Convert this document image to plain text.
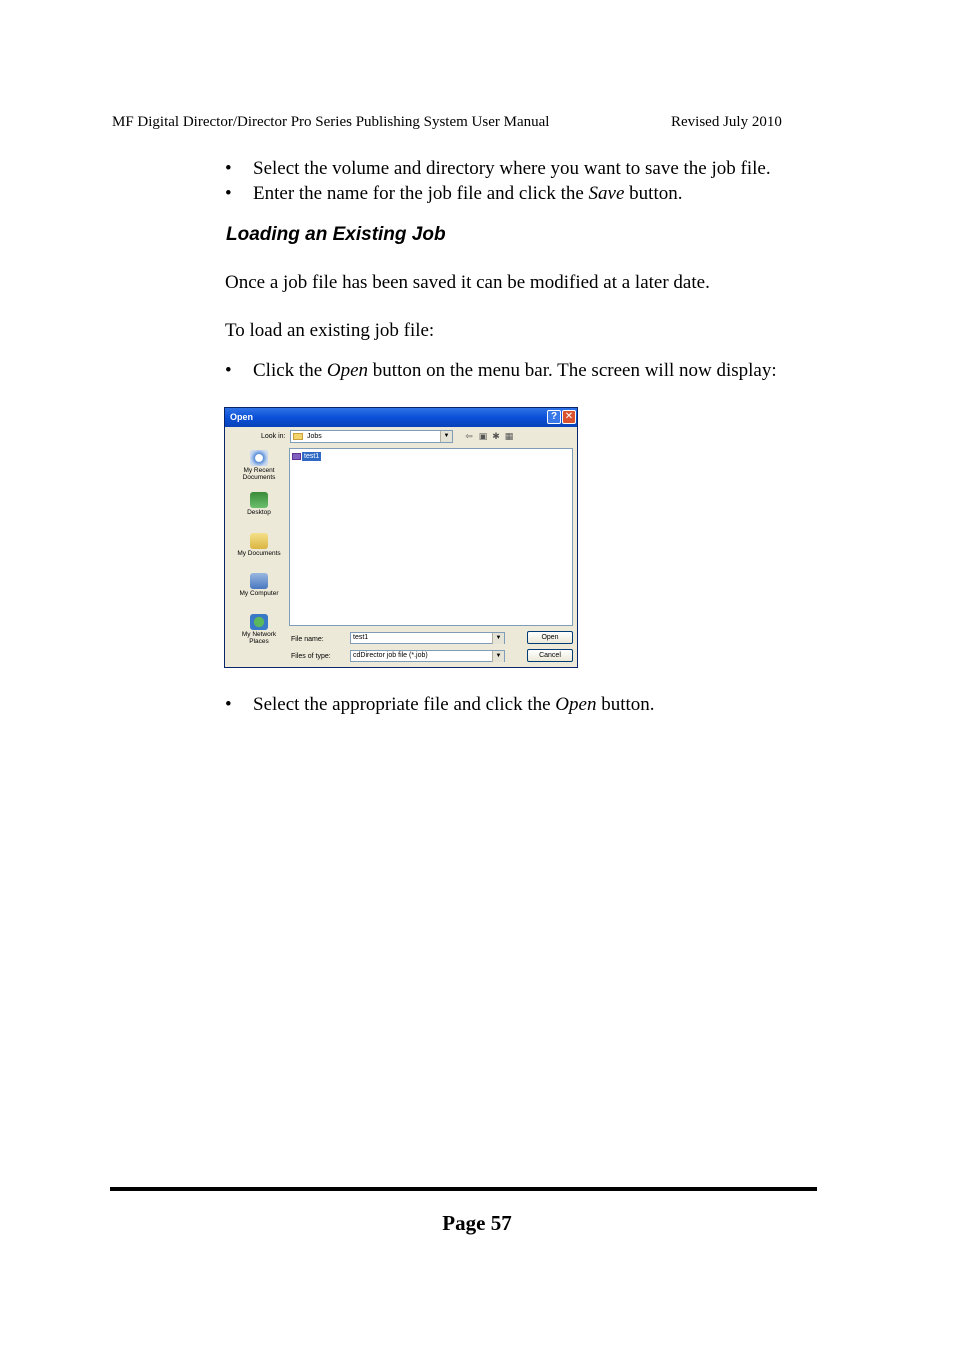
MF Digital Director/Director Pro Series Publishing System User Manual	Revised July 2010
• Select the volume and directory where you want to save the job file.
• Enter the name for the job file and click the Save button.
Loading an Existing Job
Once a job file has been saved it can be modified at a later date.
To load an existing job file:
• Click the Open button on the menu bar. The screen will now display:
Open	? ✕
Look in:	Jobs	▼ ⇦ ▣ ✱ ▦
My Recent
Documents
Desktop
My Documents
My Computer
My Network
Places
test1
File name:	test1	▼	Open
Files of type:	cdDirector job file (*.job)	▼	Cancel
• Select the appropriate file and click the Open button.
Page 57
